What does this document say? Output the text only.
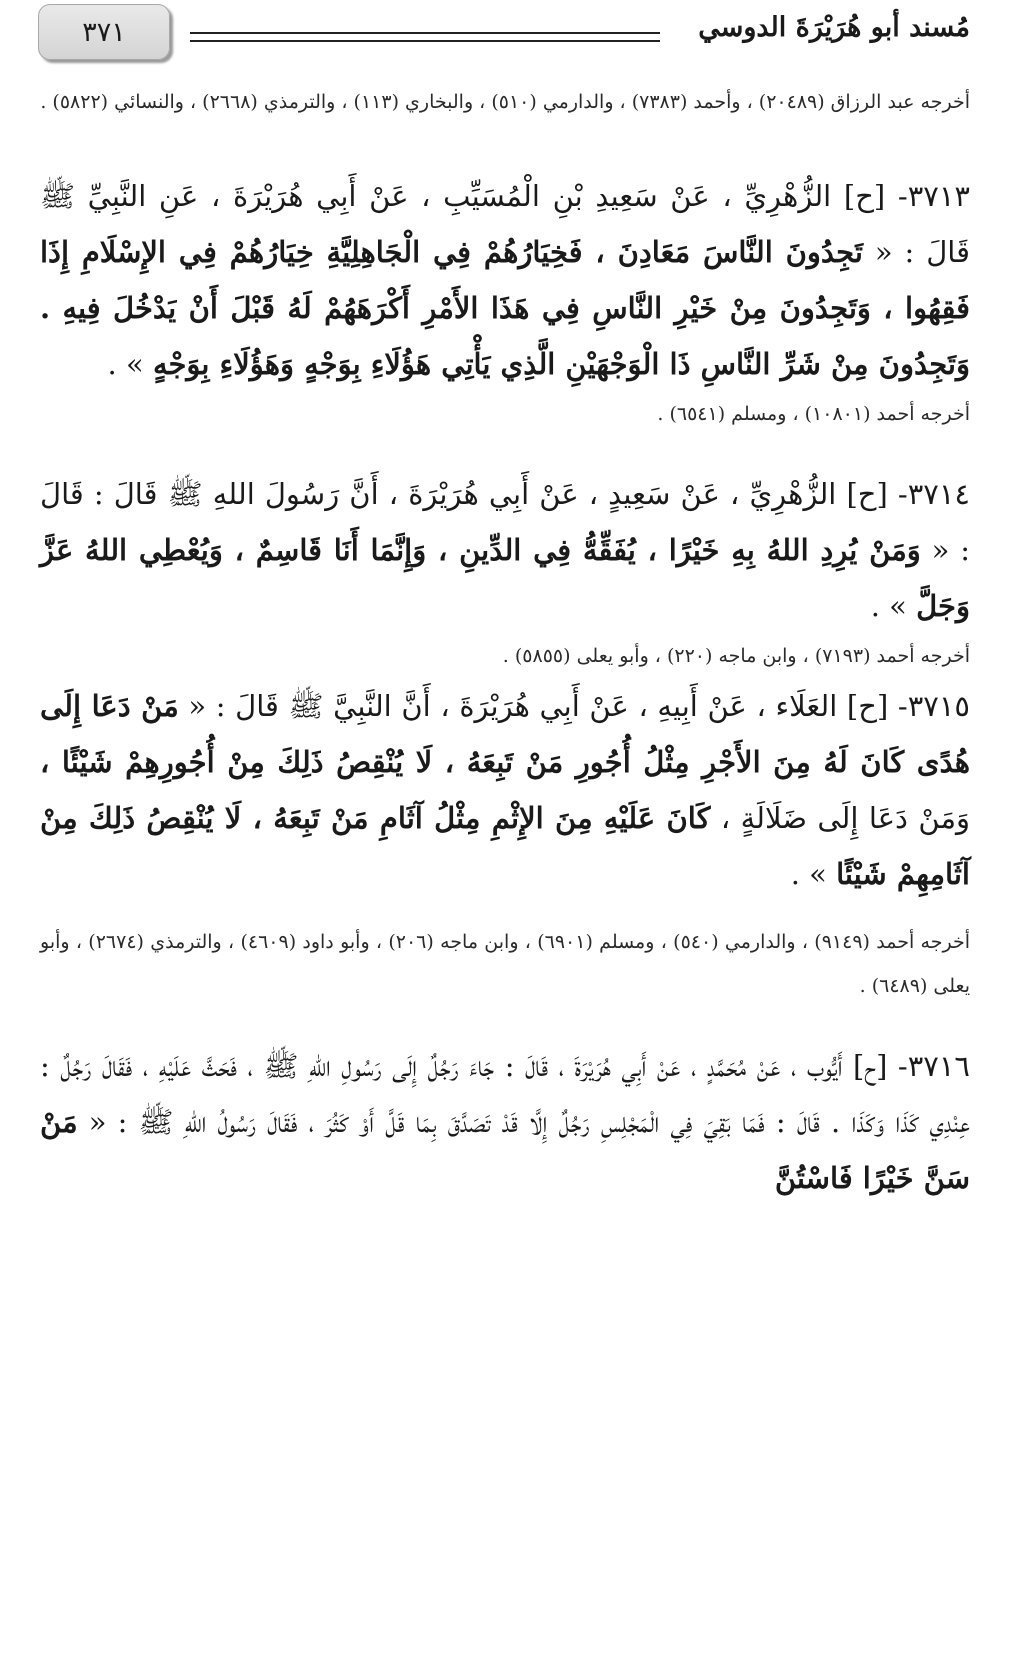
٣٧١	مُسند أبو هُرَيْرَةَ الدوسي

أخرجه عبد الرزاق (٢٠٤٨٩) ، وأحمد (٧٣٨٣) ، والدارمي (٥١٠) ، والبخاري (١١٣) ، والترمذي (٢٦٦٨) ، والنسائي (٥٨٢٢) .

٣٧١٣- [ح] الزُّهْرِيِّ ، عَنْ سَعِيدِ بْنِ الْمُسَيِّبِ ، عَنْ أَبِي هُرَيْرَةَ ، عَنِ النَّبِيِّ ﷺ قَالَ : « تَجِدُونَ النَّاسَ مَعَادِنَ ، فَخِيَارُهُمْ فِي الْجَاهِلِيَّةِ خِيَارُهُمْ فِي الإِسْلَامِ إِذَا فَقِهُوا ، وَتَجِدُونَ مِنْ خَيْرِ النَّاسِ فِي هَذَا الأَمْرِ أَكْرَهَهُمْ لَهُ قَبْلَ أَنْ يَدْخُلَ فِيهِ . وَتَجِدُونَ مِنْ شَرِّ النَّاسِ ذَا الْوَجْهَيْنِ الَّذِي يَأْتِي هَؤُلَاءِ بِوَجْهٍ وَهَؤُلَاءِ بِوَجْهٍ » .

أخرجه أحمد (١٠٨٠١) ، ومسلم (٦٥٤١) .

٣٧١٤- [ح] الزُّهْرِيِّ ، عَنْ سَعِيدٍ ، عَنْ أَبِي هُرَيْرَةَ ، أَنَّ رَسُولَ اللهِ ﷺ قَالَ : قَالَ : « وَمَنْ يُرِدِ اللهُ بِهِ خَيْرًا ، يُفَقِّهُّ فِي الدِّينِ ، وَإِنَّمَا أَنَا قَاسِمٌ ، وَيُعْطِي اللهُ عَزَّ وَجَلَّ » .

أخرجه أحمد (٧١٩٣) ، وابن ماجه (٢٢٠) ، وأبو يعلى (٥٨٥٥) .

٣٧١٥- [ح] العَلَاء ، عَنْ أَبِيهِ ، عَنْ أَبِي هُرَيْرَةَ ، أَنَّ النَّبِيَّ ﷺ قَالَ : « مَنْ دَعَا إِلَى هُدًى كَانَ لَهُ مِنَ الأَجْرِ مِثْلُ أُجُورِ مَنْ تَبِعَهُ ، لَا يُنْقِصُ ذَلِكَ مِنْ أُجُورِهِمْ شَيْئًا ، وَمَنْ دَعَا إِلَى ضَلَالَةٍ ، كَانَ عَلَيْهِ مِنَ الإِثْمِ مِثْلُ آثَامِ مَنْ تَبِعَهُ ، لَا يُنْقِصُ ذَلِكَ مِنْ آثَامِهِمْ شَيْئًا » .

أخرجه أحمد (٩١٤٩) ، والدارمي (٥٤٠) ، ومسلم (٦٩٠١) ، وابن ماجه (٢٠٦) ، وأبو داود (٤٦٠٩) ، والترمذي (٢٦٧٤) ، وأبو يعلى (٦٤٨٩) .

٣٧١٦- [ح] أَيُّوب ، عَنْ مُحَمَّدٍ ، عَنْ أَبِي هُرَيْرَةَ ، قَالَ : جَاءَ رَجُلٌ إِلَى رَسُولِ اللهِ ﷺ ، فَحَثَّ عَلَيْهِ ، فَقَالَ رَجُلٌ : عِنْدِي كَذَا وَكَذَا . قَالَ : فَمَا بَقِيَ فِي الْمَجْلِسِ رَجُلٌ إِلَّا قَدْ تَصَدَّقَ بِمَا قَلَّ أَوْ كَثُرَ ، فَقَالَ رَسُولُ اللهِ ﷺ : « مَنْ سَنَّ خَيْرًا فَاسْتُنَّ
